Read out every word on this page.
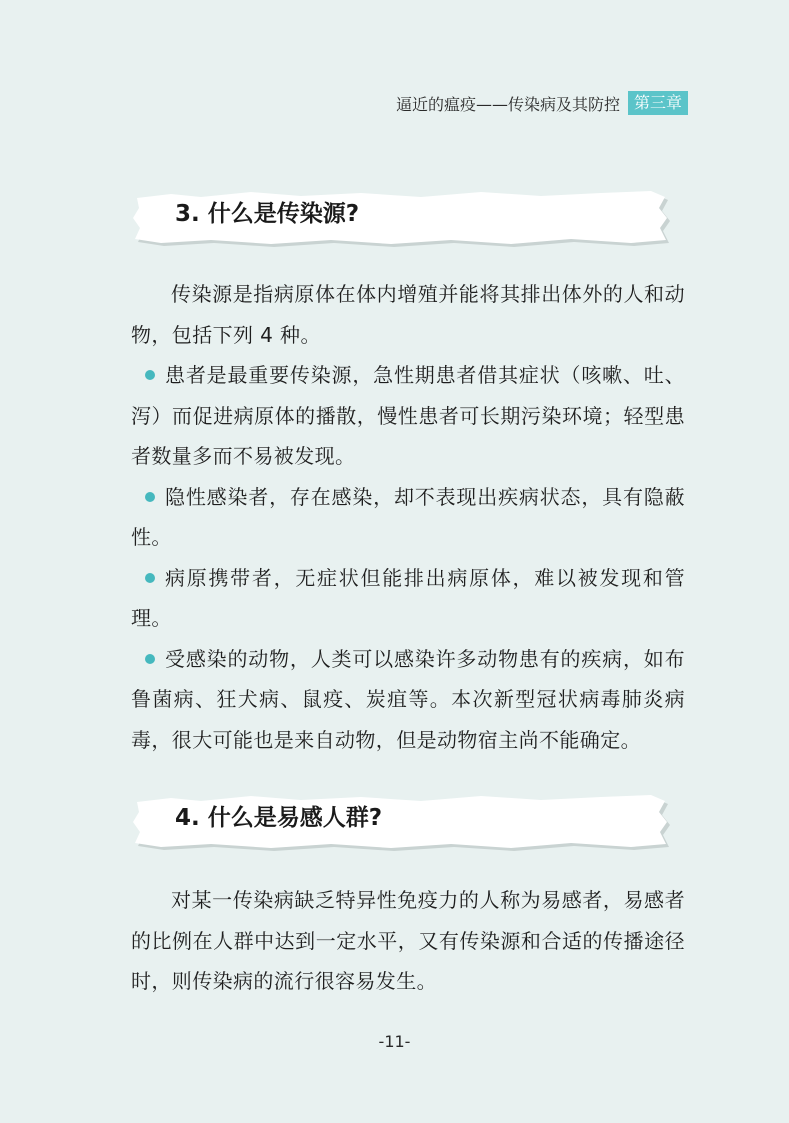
逼近的瘟疫——传染病及其防控 第三章
3. 什么是传染源?

传染源是指病原体在体内增殖并能将其排出体外的人和动物，包括下列 4 种。

患者是最重要传染源，急性期患者借其症状（咳嗽、吐、泻）而促进病原体的播散，慢性患者可长期污染环境；轻型患者数量多而不易被发现。

隐性感染者，存在感染，却不表现出疾病状态，具有隐蔽性。

病原携带者，无症状但能排出病原体，难以被发现和管理。

受感染的动物，人类可以感染许多动物患有的疾病，如布鲁菌病、狂犬病、鼠疫、炭疽等。本次新型冠状病毒肺炎病毒，很大可能也是来自动物，但是动物宿主尚不能确定。

4. 什么是易感人群?

对某一传染病缺乏特异性免疫力的人称为易感者，易感者的比例在人群中达到一定水平，又有传染源和合适的传播途径时，则传染病的流行很容易发生。

-11-
